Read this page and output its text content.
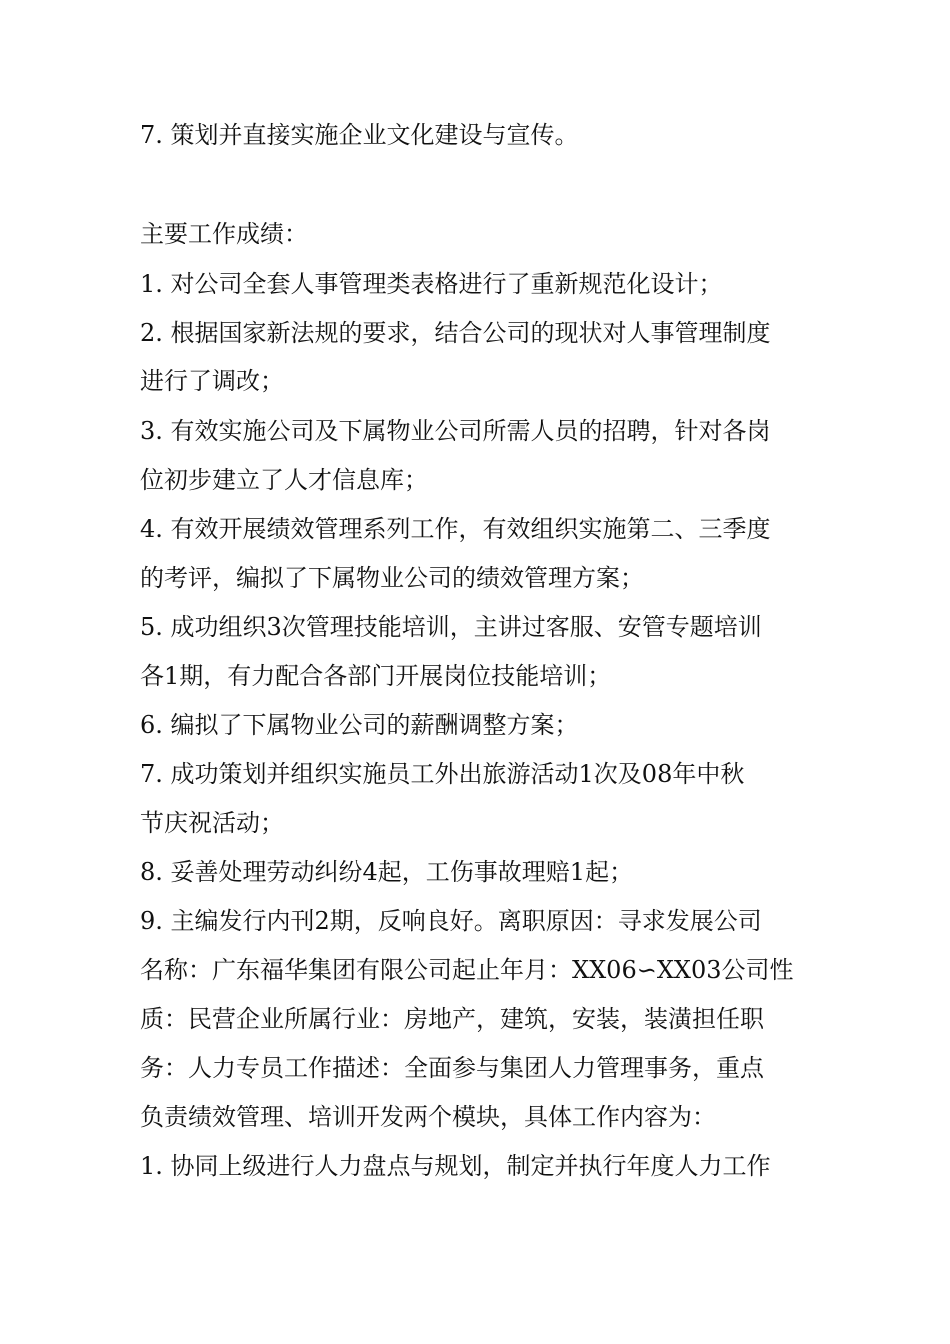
7. 策划并直接实施企业文化建设与宣传。
主要工作成绩：
1. 对公司全套人事管理类表格进行了重新规范化设计；
2. 根据国家新法规的要求，结合公司的现状对人事管理制度
进行了调改；
3. 有效实施公司及下属物业公司所需人员的招聘，针对各岗
位初步建立了人才信息库；
4. 有效开展绩效管理系列工作，有效组织实施第二、三季度
的考评，编拟了下属物业公司的绩效管理方案；
5. 成功组织3次管理技能培训，主讲过客服、安管专题培训
各1期，有力配合各部门开展岗位技能培训；
6. 编拟了下属物业公司的薪酬调整方案；
7. 成功策划并组织实施员工外出旅游活动1次及08年中秋
节庆祝活动；
8. 妥善处理劳动纠纷4起，工伤事故理赔1起；
9. 主编发行内刊2期，反响良好。离职原因：寻求发展公司
名称：广东福华集团有限公司起止年月：XX06∽XX03公司性
质：民营企业所属行业：房地产，建筑，安装，装潢担任职
务：人力专员工作描述：全面参与集团人力管理事务，重点
负责绩效管理、培训开发两个模块，具体工作内容为：
1. 协同上级进行人力盘点与规划，制定并执行年度人力工作
